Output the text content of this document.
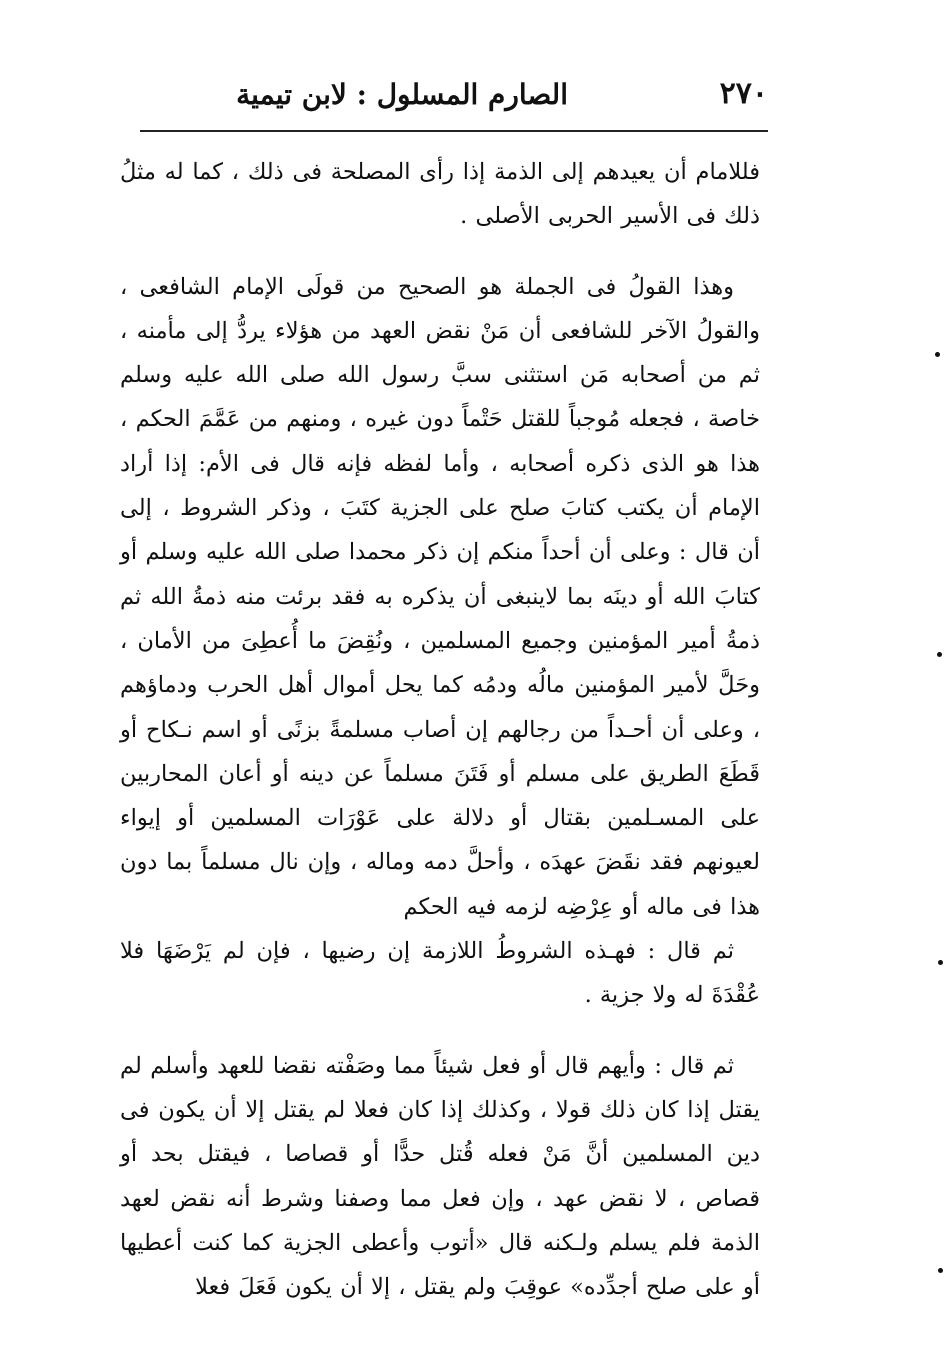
٢٧٠
الصارم المسلول : لابن تيمية

فللامام أن يعيدهم إلى الذمة إذا رأى المصلحة فى ذلك ، كما له مثلُ ذلك فى الأسير الحربى الأصلى .

وهذا القولُ فى الجملة هو الصحيح من قولَى الإمام الشافعى ، والقولُ الآخر للشافعى أن مَنْ نقض العهد من هؤلاء يردُّ إلى مأمنه ، ثم من أصحابه مَن استثنى سبَّ رسول الله صلى الله عليه وسلم خاصة ، فجعله مُوجباً للقتل حَتْماً دون غيره ، ومنهم من عَمَّمَ الحكم ، هذا هو الذى ذكره أصحابه ، وأما لفظه فإنه قال فى الأم: إذا أراد الإمام أن يكتب كتابَ صلح على الجزية كتَبَ ، وذكر الشروط ، إلى أن قال : وعلى أن أحداً منكم إن ذكر محمدا صلى الله عليه وسلم أو كتابَ الله أو دينَه بما لاينبغى أن يذكره به فقد برئت منه ذمةُ الله ثم ذمةُ أمير المؤمنين وجميع المسلمين ، ونُقِضَ ما أُعطِىَ من الأمان ، وحَلَّ لأمير المؤمنين مالُه ودمُه كما يحل أموال أهل الحرب ودماؤهم ، وعلى أن أحـداً من رجالهم إن أصاب مسلمةً بزنًى أو اسم نـكاح أو قَطَعَ الطريق على مسلم أو فَتَنَ مسلماً عن دينه أو أعان المحاربين على المسـلمين بقتال أو دلالة على عَوْرَات المسلمين أو إيواء لعيونهم فقد نقَضَ عهدَه ، وأحلَّ دمه وماله ، وإن نال مسلماً بما دون هذا فى ماله أو عِرْضِه لزمه فيه الحكم

ثم قال : فهـذه الشروطُ اللازمة إن رضيها ، فإن لم يَرْضَهَا فلا عُقْدَةَ له ولا جزية .

ثم قال : وأيهم قال أو فعل شيئاً مما وصَفْته نقضا للعهد وأسلم لم يقتل إذا كان ذلك قولا ، وكذلك إذا كان فعلا لم يقتل إلا أن يكون فى دين المسلمين أنَّ مَنْ فعله قُتل حدًّا أو قصاصا ، فيقتل بحد أو قصاص ، لا نقض عهد ، وإن فعل مما وصفنا وشرط أنه نقض لعهد الذمة فلم يسلم ولـكنه قال «أتوب وأعطى الجزية كما كنت أعطيها أو على صلح أجدِّده» عوقِبَ ولم يقتل ، إلا أن يكون فَعَلَ فعلا
